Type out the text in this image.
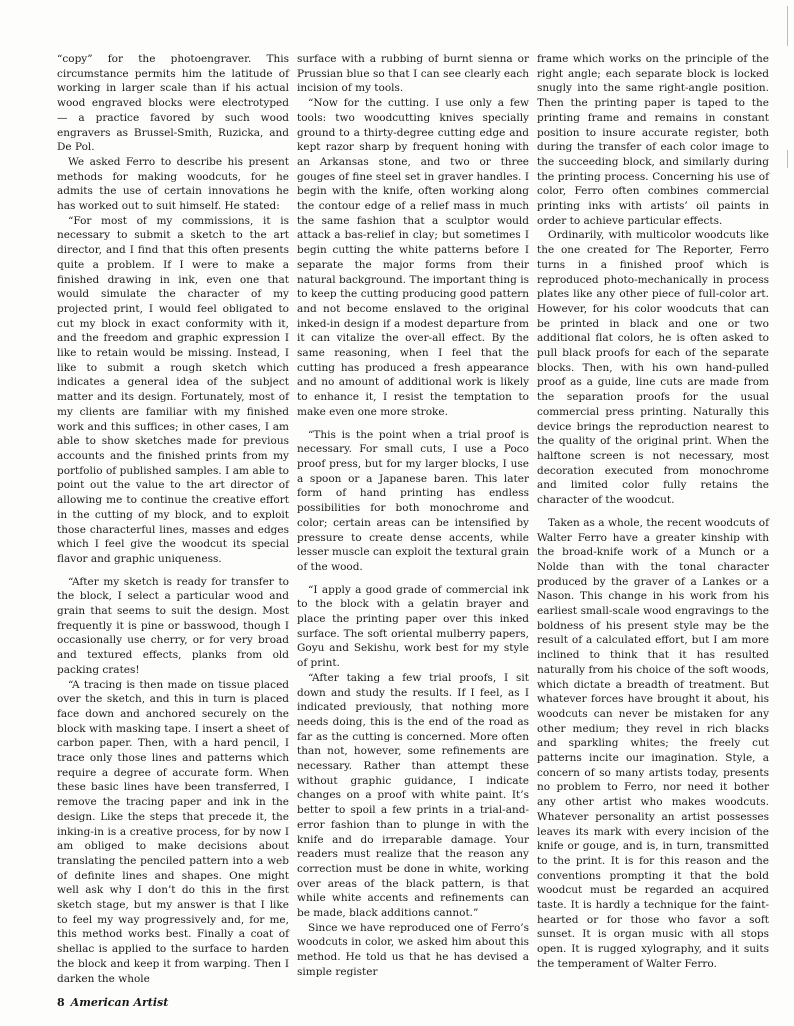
“copy” for the photoengraver. This circumstance permits him the latitude of working in larger scale than if his actual wood engraved blocks were electrotyped — a practice favored by such wood engravers as Brussel-Smith, Ruzicka, and De Pol.

We asked Ferro to describe his present methods for making woodcuts, for he admits the use of certain innovations he has worked out to suit himself. He stated:

“For most of my commissions, it is necessary to submit a sketch to the art director, and I find that this often presents quite a problem. If I were to make a finished drawing in ink, even one that would simulate the character of my projected print, I would feel obligated to cut my block in exact conformity with it, and the freedom and graphic expression I like to retain would be missing. Instead, I like to submit a rough sketch which indicates a general idea of the subject matter and its design. Fortunately, most of my clients are familiar with my finished work and this suffices; in other cases, I am able to show sketches made for previous accounts and the finished prints from my portfolio of published samples. I am able to point out the value to the art director of allowing me to continue the creative effort in the cutting of my block, and to exploit those characterful lines, masses and edges which I feel give the woodcut its special flavor and graphic uniqueness.

“After my sketch is ready for transfer to the block, I select a particular wood and grain that seems to suit the design. Most frequently it is pine or basswood, though I occasionally use cherry, or for very broad and textured effects, planks from old packing crates!

“A tracing is then made on tissue placed over the sketch, and this in turn is placed face down and anchored securely on the block with masking tape. I insert a sheet of carbon paper. Then, with a hard pencil, I trace only those lines and patterns which require a degree of accurate form. When these basic lines have been transferred, I remove the tracing paper and ink in the design. Like the steps that precede it, the inking-in is a creative process, for by now I am obliged to make decisions about translating the penciled pattern into a web of definite lines and shapes. One might well ask why I don’t do this in the first sketch stage, but my answer is that I like to feel my way progressively and, for me, this method works best. Finally a coat of shellac is applied to the surface to harden the block and keep it from warping. Then I darken the whole

surface with a rubbing of burnt sienna or Prussian blue so that I can see clearly each incision of my tools.

“Now for the cutting. I use only a few tools: two woodcutting knives specially ground to a thirty-degree cutting edge and kept razor sharp by frequent honing with an Arkansas stone, and two or three gouges of fine steel set in graver handles. I begin with the knife, often working along the contour edge of a relief mass in much the same fashion that a sculptor would attack a bas-relief in clay; but sometimes I begin cutting the white patterns before I separate the major forms from their natural background. The important thing is to keep the cutting producing good pattern and not become enslaved to the original inked-in design if a modest departure from it can vitalize the over-all effect. By the same reasoning, when I feel that the cutting has produced a fresh appearance and no amount of additional work is likely to enhance it, I resist the temptation to make even one more stroke.

“This is the point when a trial proof is necessary. For small cuts, I use a Poco proof press, but for my larger blocks, I use a spoon or a Japanese baren. This later form of hand printing has endless possibilities for both monochrome and color; certain areas can be intensified by pressure to create dense accents, while lesser muscle can exploit the textural grain of the wood.

“I apply a good grade of commercial ink to the block with a gelatin brayer and place the printing paper over this inked surface. The soft oriental mulberry papers, Goyu and Sekishu, work best for my style of print.

“After taking a few trial proofs, I sit down and study the results. If I feel, as I indicated previously, that nothing more needs doing, this is the end of the road as far as the cutting is concerned. More often than not, however, some refinements are necessary. Rather than attempt these without graphic guidance, I indicate changes on a proof with white paint. It’s better to spoil a few prints in a trial-and-error fashion than to plunge in with the knife and do irreparable damage. Your readers must realize that the reason any correction must be done in white, working over areas of the black pattern, is that while white accents and refinements can be made, black additions cannot.”

Since we have reproduced one of Ferro’s woodcuts in color, we asked him about this method. He told us that he has devised a simple register

frame which works on the principle of the right angle; each separate block is locked snugly into the same right-angle position. Then the printing paper is taped to the printing frame and remains in constant position to insure accurate register, both during the transfer of each color image to the succeeding block, and similarly during the printing process. Concerning his use of color, Ferro often combines commercial printing inks with artists’ oil paints in order to achieve particular effects.

Ordinarily, with multicolor woodcuts like the one created for The Reporter, Ferro turns in a finished proof which is reproduced photo-mechanically in process plates like any other piece of full-color art. However, for his color woodcuts that can be printed in black and one or two additional flat colors, he is often asked to pull black proofs for each of the separate blocks. Then, with his own hand-pulled proof as a guide, line cuts are made from the separation proofs for the usual commercial press printing. Naturally this device brings the reproduction nearest to the quality of the original print. When the halftone screen is not necessary, most decoration executed from monochrome and limited color fully retains the character of the woodcut.

Taken as a whole, the recent woodcuts of Walter Ferro have a greater kinship with the broad-knife work of a Munch or a Nolde than with the tonal character produced by the graver of a Lankes or a Nason. This change in his work from his earliest small-scale wood engravings to the boldness of his present style may be the result of a calculated effort, but I am more inclined to think that it has resulted naturally from his choice of the soft woods, which dictate a breadth of treatment. But whatever forces have brought it about, his woodcuts can never be mistaken for any other medium; they revel in rich blacks and sparkling whites; the freely cut patterns incite our imagination. Style, a concern of so many artists today, presents no problem to Ferro, nor need it bother any other artist who makes woodcuts. Whatever personality an artist possesses leaves its mark with every incision of the knife or gouge, and is, in turn, transmitted to the print. It is for this reason and the conventions prompting it that the bold woodcut must be regarded an acquired taste. It is hardly a technique for the faint-hearted or for those who favor a soft sunset. It is organ music with all stops open. It is rugged xylography, and it suits the temperament of Walter Ferro.

8 American Artist
